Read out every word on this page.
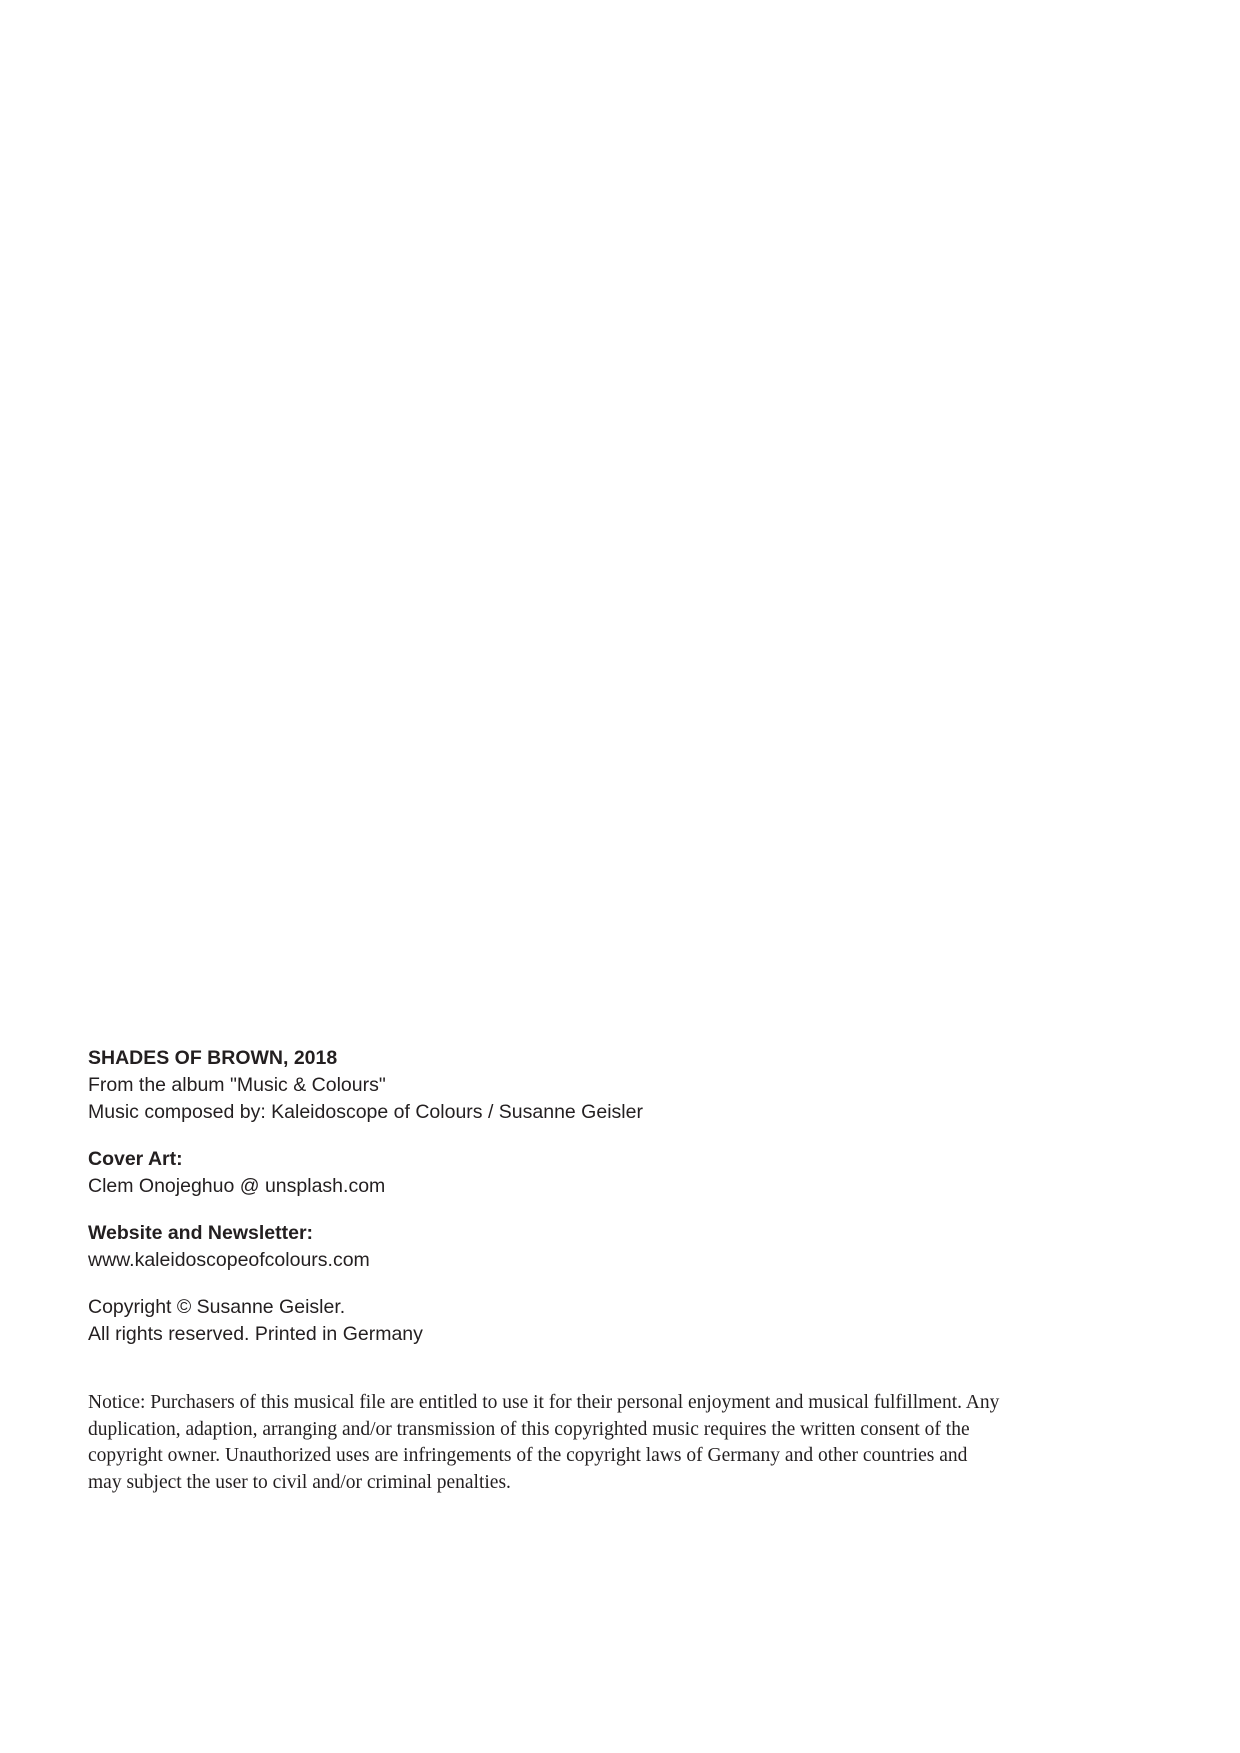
SHADES OF BROWN, 2018
From the album "Music & Colours"
Music composed by: Kaleidoscope of Colours / Susanne Geisler
Cover Art:
Clem Onojeghuo @ unsplash.com
Website and Newsletter:
www.kaleidoscopeofcolours.com
Copyright © Susanne Geisler.
All rights reserved. Printed in Germany

Notice: Purchasers of this musical file are entitled to use it for their personal enjoyment and musical fulfillment. Any duplication, adaption, arranging and/or transmission of this copyrighted music requires the written consent of the copyright owner. Unauthorized uses are infringements of the copyright laws of Germany and other countries and may subject the user to civil and/or criminal penalties.
